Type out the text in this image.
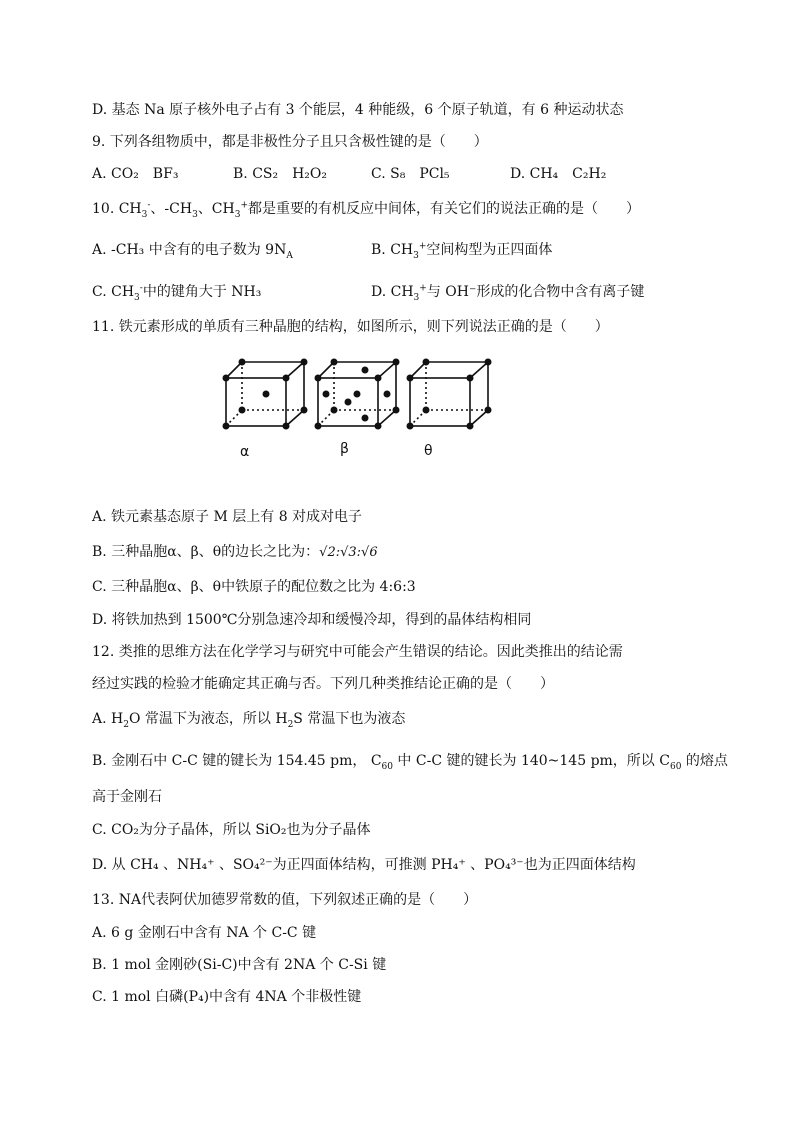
D. 基态 Na 原子核外电子占有 3 个能层，4 种能级，6 个原子轨道，有 6 种运动状态
9. 下列各组物质中，都是非极性分子且只含极性键的是（　　）
A. CO₂　BF₃	B. CS₂　H₂O₂	C. S₈　PCl₅	D. CH₄　C₂H₂
10. $CH_3^-$、$-CH_3$、$CH_3^+$都是重要的有机反应中间体，有关它们的说法正确的是（　　）
A. -CH₃ 中含有的电子数为 $9N_A$	B. $CH_3^+$空间构型为正四面体
C. $CH_3^-$中的键角大于 NH₃	D. $CH_3^+$与 OH⁻形成的化合物中含有离子键
11. 铁元素形成的单质有三种晶胞的结构，如图所示，则下列说法正确的是（　　）
α	β	θ
A. 铁元素基态原子 M 层上有 8 对成对电子
B. 三种晶胞α、β、θ的边长之比为：√2:√3:√6
C. 三种晶胞α、β、θ中铁原子的配位数之比为 4:6:3
D. 将铁加热到 1500℃分别急速冷却和缓慢冷却，得到的晶体结构相同
12. 类推的思维方法在化学学习与研究中可能会产生错误的结论。因此类推出的结论需
经过实践的检验才能确定其正确与否。下列几种类推结论正确的是（　　）
A. $H_2O$ 常温下为液态，所以 $H_2S$ 常温下也为液态
B. 金刚石中 C-C 键的键长为 154.45 pm， $C_{60}$ 中 C-C 键的键长为 140~145 pm，所以 $C_{60}$ 的熔点
高于金刚石
C. CO₂为分子晶体，所以 SiO₂也为分子晶体
D. 从 CH₄ 、NH₄⁺ 、SO₄²⁻为正四面体结构，可推测 PH₄⁺ 、PO₄³⁻也为正四面体结构
13. NA代表阿伏加德罗常数的值，下列叙述正确的是（　　）
A. 6 g 金刚石中含有 NA 个 C-C 键
B. 1 mol 金刚砂(Si-C)中含有 2NA 个 C-Si 键
C. 1 mol 白磷(P₄)中含有 4NA 个非极性键
